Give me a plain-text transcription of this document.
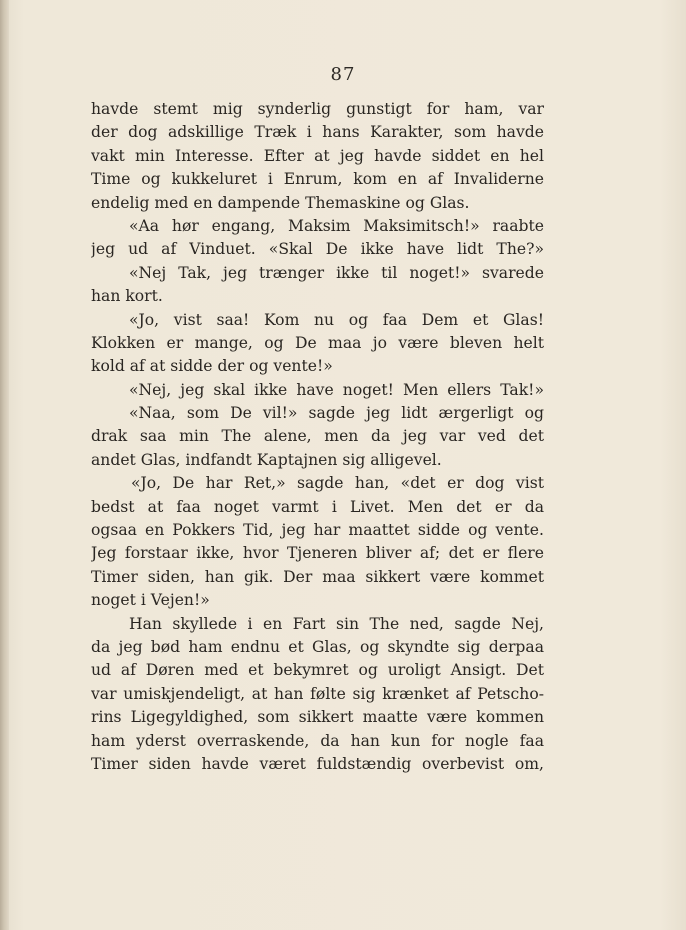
87
havde stemt mig synderlig gunstigt for ham, var
der dog adskillige Træk i hans Karakter, som havde
vakt min Interesse. Efter at jeg havde siddet en hel
Time og kukkeluret i Enrum, kom en af Invaliderne
endelig med en dampende Themaskine og Glas.
«Aa hør engang, Maksim Maksimitsch!» raabte
jeg ud af Vinduet. «Skal De ikke have lidt The?»
«Nej Tak, jeg trænger ikke til noget!» svarede
han kort.
«Jo, vist saa! Kom nu og faa Dem et Glas!
Klokken er mange, og De maa jo være bleven helt
kold af at sidde der og vente!»
«Nej, jeg skal ikke have noget! Men ellers Tak!»
«Naa, som De vil!» sagde jeg lidt ærgerligt og
drak saa min The alene, men da jeg var ved det
andet Glas, indfandt Kaptajnen sig alligevel.
«Jo, De har Ret,» sagde han, «det er dog vist
bedst at faa noget varmt i Livet. Men det er da
ogsaa en Pokkers Tid, jeg har maattet sidde og vente.
Jeg forstaar ikke, hvor Tjeneren bliver af; det er flere
Timer siden, han gik. Der maa sikkert være kommet
noget i Vejen!»
Han skyllede i en Fart sin The ned, sagde Nej,
da jeg bød ham endnu et Glas, og skyndte sig derpaa
ud af Døren med et bekymret og uroligt Ansigt. Det
var umiskjendeligt, at han følte sig krænket af Petscho-
rins Ligegyldighed, som sikkert maatte være kommen
ham yderst overraskende, da han kun for nogle faa
Timer siden havde været fuldstændig overbevist om,
